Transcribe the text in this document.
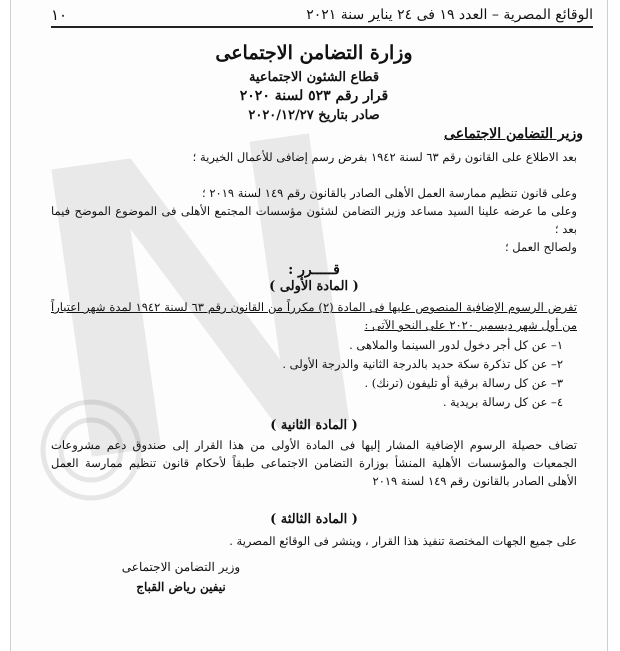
الوقائع المصرية – العدد ١٩ فى ٢٤ يناير سنة ٢٠٢١
١٠
وزارة التضامن الاجتماعى
قطاع الشئون الاجتماعية
قرار رقم ٥٢٣ لسنة ٢٠٢٠
صادر بتاريخ ٢٠٢٠/١٢/٢٧
وزير التضامن الاجتماعى
بعد الاطلاع على القانون رقم ٦٣ لسنة ١٩٤٢ بفرض رسم إضافى للأعمال الخيرية ؛
وعلى قانون تنظيم ممارسة العمل الأهلى الصادر بالقانون رقم ١٤٩ لسنة ٢٠١٩ ؛
وعلى ما عرضه علينا السيد مساعد وزير التضامن لشئون مؤسسات المجتمع الأهلى فى الموضوع الموضح فيما بعد ؛
ولصالح العمل ؛
قـــــرر :
( المادة الأولى )
تفرض الرسوم الإضافية المنصوص عليها فى المادة (٢) مكرراً من القانون رقم ٦٣ لسنة ١٩٤٢ لمدة شهر اعتباراً من أول شهر ديسمبر ٢٠٢٠ على النحو الآتى :
١– عن كل أجر دخول لدور السينما والملاهى .
٢– عن كل تذكرة سكة حديد بالدرجة الثانية والدرجة الأولى .
٣– عن كل رسالة برقية أو تليفون (ترنك) .
٤– عن كل رسالة بريدية .
( المادة الثانية )
تضاف حصيلة الرسوم الإضافية المشار إليها فى المادة الأولى من هذا القرار إلى صندوق دعم مشروعات الجمعيات والمؤسسات الأهلية المنشأ بوزارة التضامن الاجتماعى طبقاً لأحكام قانون تنظيم ممارسة العمل الأهلى الصادر بالقانون رقم ١٤٩ لسنة ٢٠١٩
( المادة الثالثة )
على جميع الجهات المختصة تنفيذ هذا القرار ، وينشر فى الوقائع المصرية .
وزير التضامن الاجتماعى
نيفين رياض القباج
